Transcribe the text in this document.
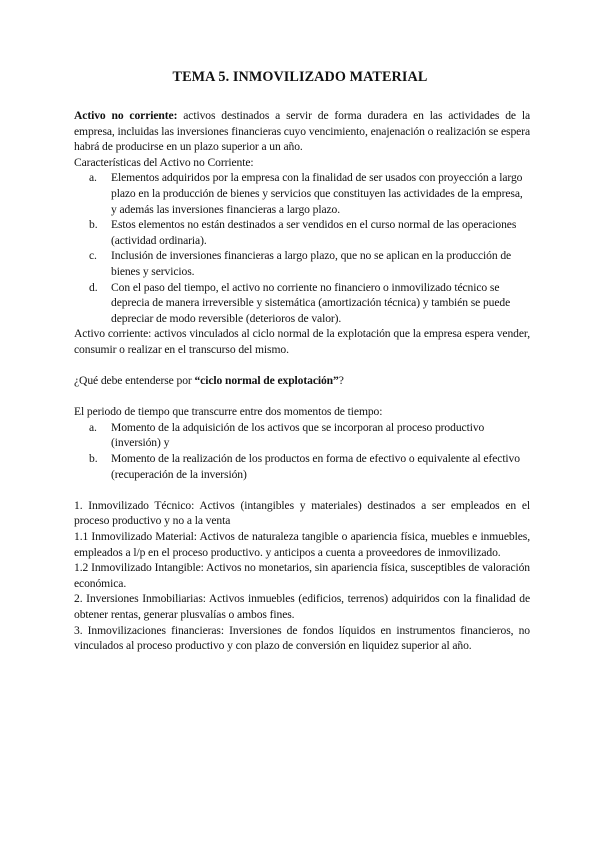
TEMA 5. INMOVILIZADO MATERIAL

Activo no corriente: activos destinados a servir de forma duradera en las actividades de la empresa, incluidas las inversiones financieras cuyo vencimiento, enajenación o realización se espera habrá de producirse en un plazo superior a un año.

Características del Activo no Corriente:

a. Elementos adquiridos por la empresa con la finalidad de ser usados con proyección a largo plazo en la producción de bienes y servicios que constituyen las actividades de la empresa, y además las inversiones financieras a largo plazo.
b. Estos elementos no están destinados a ser vendidos en el curso normal de las operaciones (actividad ordinaria).
c. Inclusión de inversiones financieras a largo plazo, que no se aplican en la producción de bienes y servicios.
d. Con el paso del tiempo, el activo no corriente no financiero o inmovilizado técnico se deprecia de manera irreversible y sistemática (amortización técnica) y también se puede depreciar de modo reversible (deterioros de valor).

Activo corriente: activos vinculados al ciclo normal de la explotación que la empresa espera vender, consumir o realizar en el transcurso del mismo.

¿Qué debe entenderse por “ciclo normal de explotación”?

El periodo de tiempo que transcurre entre dos momentos de tiempo:

a. Momento de la adquisición de los activos que se incorporan al proceso productivo (inversión) y
b. Momento de la realización de los productos en forma de efectivo o equivalente al efectivo (recuperación de la inversión)

1. Inmovilizado Técnico: Activos (intangibles y materiales) destinados a ser empleados en el proceso productivo y no a la venta

1.1 Inmovilizado Material: Activos de naturaleza tangible o apariencia física, muebles e inmuebles, empleados a l/p en el proceso productivo. y anticipos a cuenta a proveedores de inmovilizado.

1.2 Inmovilizado Intangible: Activos no monetarios, sin apariencia física, susceptibles de valoración económica.

2. Inversiones Inmobiliarias: Activos inmuebles (edificios, terrenos) adquiridos con la finalidad de obtener rentas, generar plusvalías o ambos fines.

3. Inmovilizaciones financieras: Inversiones de fondos líquidos en instrumentos financieros, no vinculados al proceso productivo y con plazo de conversión en liquidez superior al año.
